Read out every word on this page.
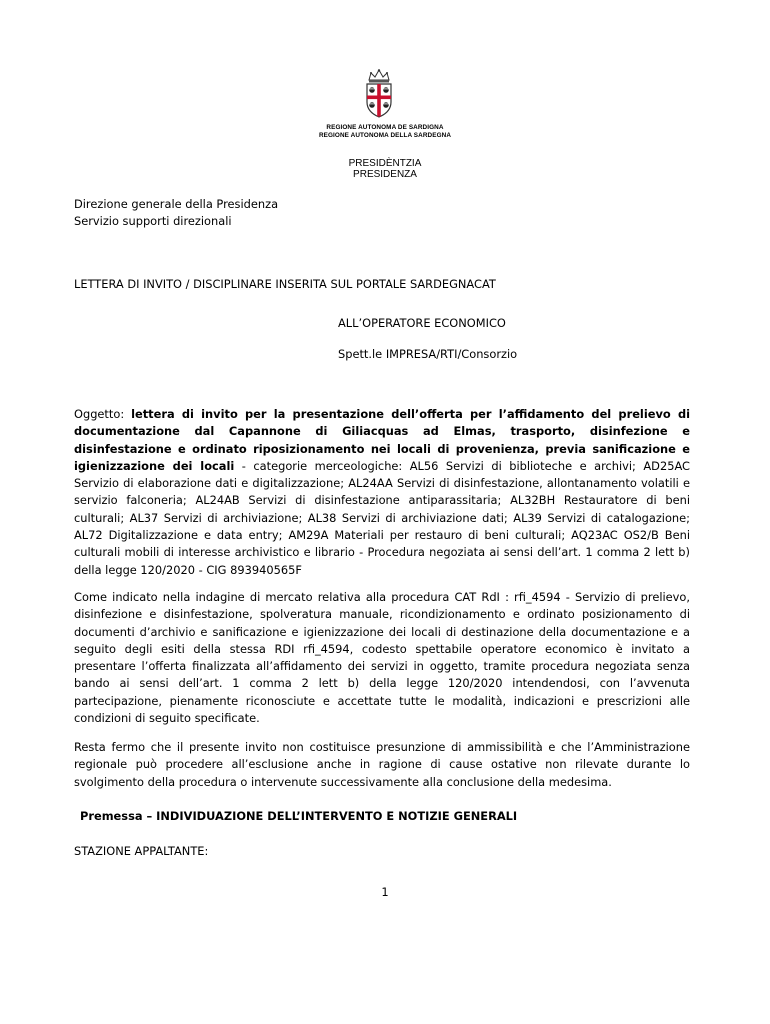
REGIONE AUTONOMA DE SARDIGNA
REGIONE AUTONOMA DELLA SARDEGNA
PRESIDÈNTZIA
PRESIDENZA
Direzione generale della Presidenza
Servizio supporti direzionali
LETTERA DI INVITO / DISCIPLINARE INSERITA SUL PORTALE SARDEGNACAT
ALL’OPERATORE ECONOMICO
Spett.le IMPRESA/RTI/Consorzio
Oggetto: lettera di invito per la presentazione dell’offerta per l’affidamento del prelievo di documentazione dal Capannone di Giliacquas ad Elmas, trasporto, disinfezione e disinfestazione e ordinato riposizionamento nei locali di provenienza, previa sanificazione e igienizzazione dei locali - categorie merceologiche: AL56 Servizi di biblioteche e archivi; AD25AC Servizio di elaborazione dati e digitalizzazione; AL24AA Servizi di disinfestazione, allontanamento volatili e servizio falconeria; AL24AB Servizi di disinfestazione antiparassitaria; AL32BH Restauratore di beni culturali; AL37 Servizi di archiviazione; AL38 Servizi di archiviazione dati; AL39 Servizi di catalogazione; AL72 Digitalizzazione e data entry; AM29A Materiali per restauro di beni culturali; AQ23AC OS2/B Beni culturali mobili di interesse archivistico e librario - Procedura negoziata ai sensi dell’art. 1 comma 2 lett b) della legge 120/2020 - CIG 893940565F
Come indicato nella indagine di mercato relativa alla procedura CAT RdI : rfi_4594 - Servizio di prelievo, disinfezione e disinfestazione, spolveratura manuale, ricondizionamento e ordinato posizionamento di documenti d’archivio e sanificazione e igienizzazione dei locali di destinazione della documentazione e a seguito degli esiti della stessa RDI rfi_4594, codesto spettabile operatore economico è invitato a presentare l’offerta finalizzata all’affidamento dei servizi in oggetto, tramite procedura negoziata senza bando ai sensi dell’art. 1 comma 2 lett b) della legge 120/2020 intendendosi, con l’avvenuta partecipazione, pienamente riconosciute e accettate tutte le modalità, indicazioni e prescrizioni alle condizioni di seguito specificate.
Resta fermo che il presente invito non costituisce presunzione di ammissibilità e che l’Amministrazione regionale può procedere all’esclusione anche in ragione di cause ostative non rilevate durante lo svolgimento della procedura o intervenute successivamente alla conclusione della medesima.
Premessa – INDIVIDUAZIONE DELL’INTERVENTO E NOTIZIE GENERALI
STAZIONE APPALTANTE:
1
